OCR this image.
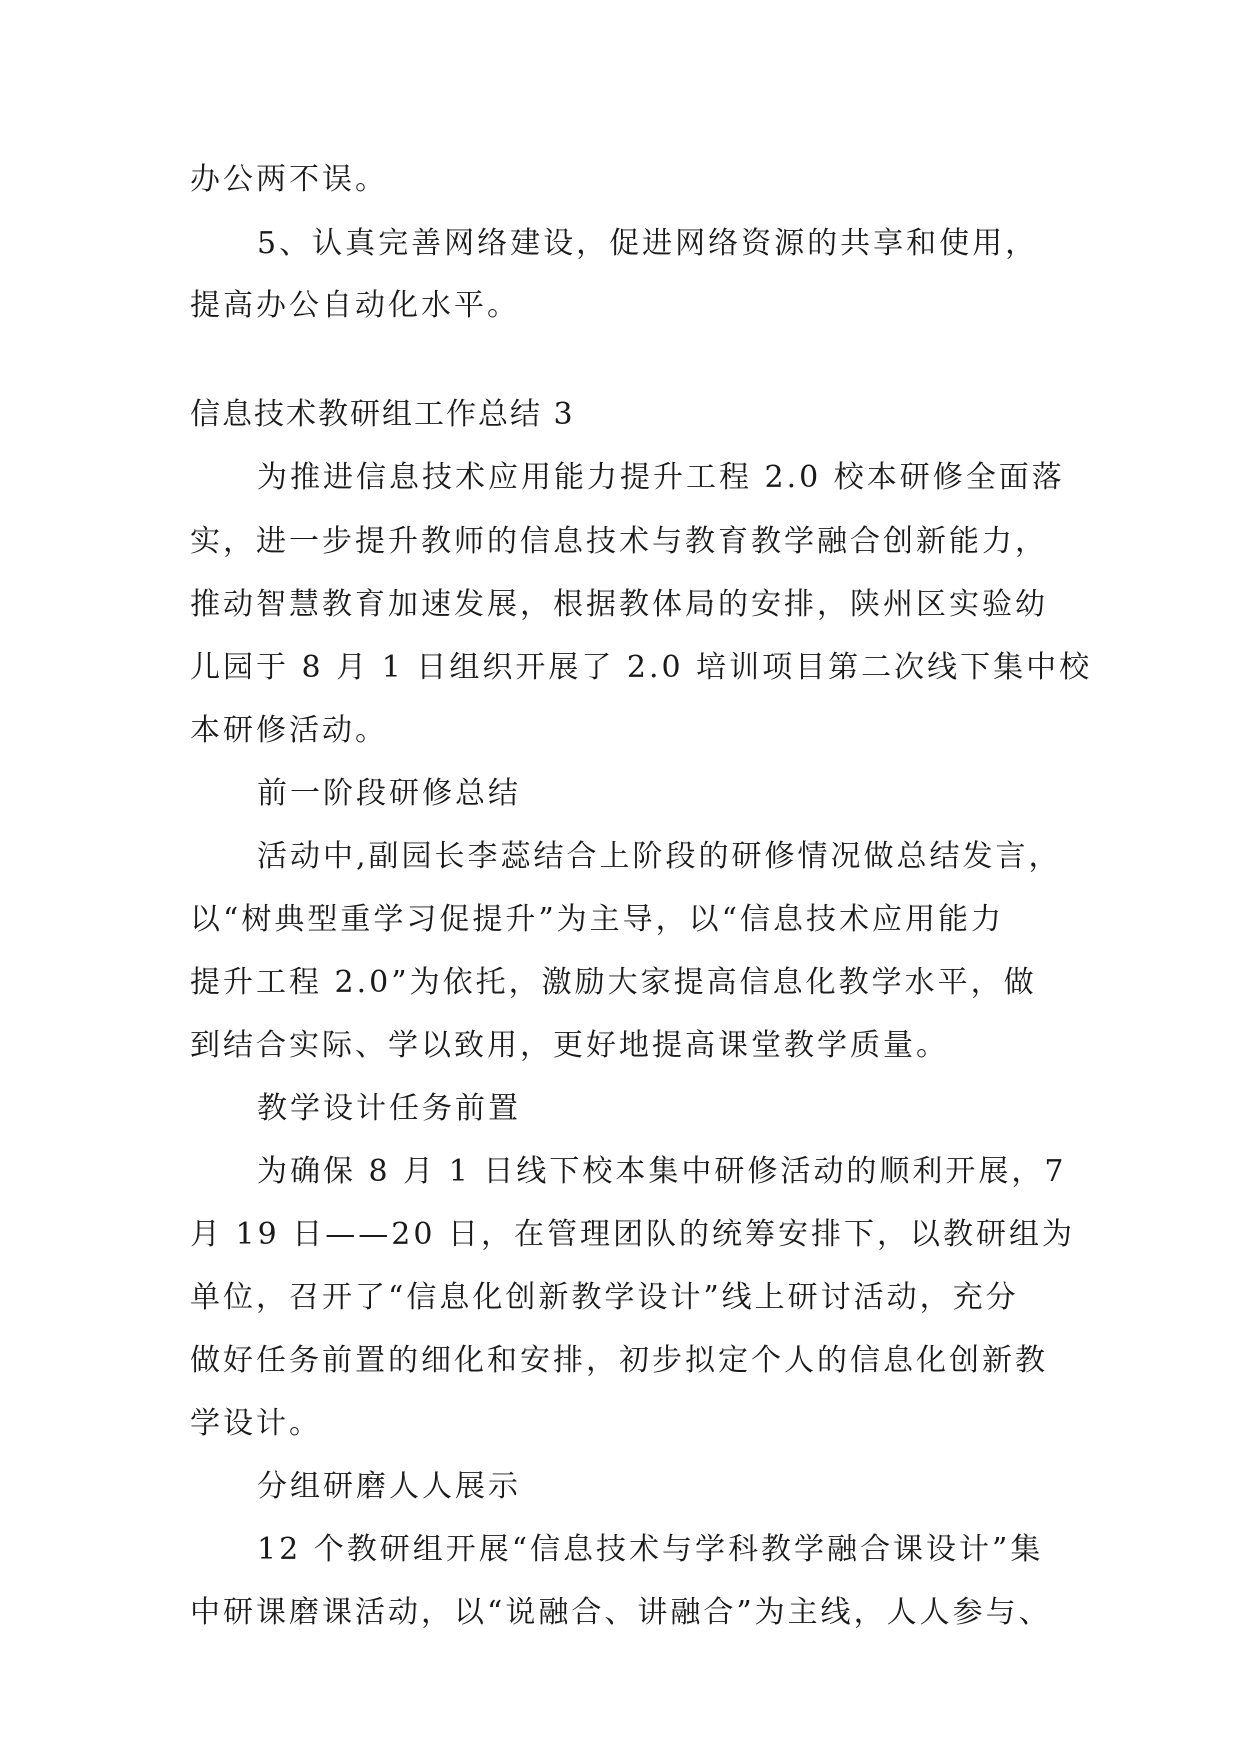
办公两不误。
5、认真完善网络建设，促进网络资源的共享和使用，
提高办公自动化水平。
信息技术教研组工作总结 3
为推进信息技术应用能力提升工程 2.0 校本研修全面落
实，进一步提升教师的信息技术与教育教学融合创新能力，
推动智慧教育加速发展，根据教体局的安排，陕州区实验幼
儿园于 8 月 1 日组织开展了 2.0 培训项目第二次线下集中校
本研修活动。
前一阶段研修总结
活动中,副园长李蕊结合上阶段的研修情况做总结发言，
以“树典型重学习促提升”为主导，以“信息技术应用能力
提升工程 2.0”为依托，激励大家提高信息化教学水平，做
到结合实际、学以致用，更好地提高课堂教学质量。
教学设计任务前置
为确保 8 月 1 日线下校本集中研修活动的顺利开展，7
月 19 日——20 日，在管理团队的统筹安排下，以教研组为
单位，召开了“信息化创新教学设计”线上研讨活动，充分
做好任务前置的细化和安排，初步拟定个人的信息化创新教
学设计。
分组研磨人人展示
12 个教研组开展“信息技术与学科教学融合课设计”集
中研课磨课活动，以“说融合、讲融合”为主线，人人参与、
